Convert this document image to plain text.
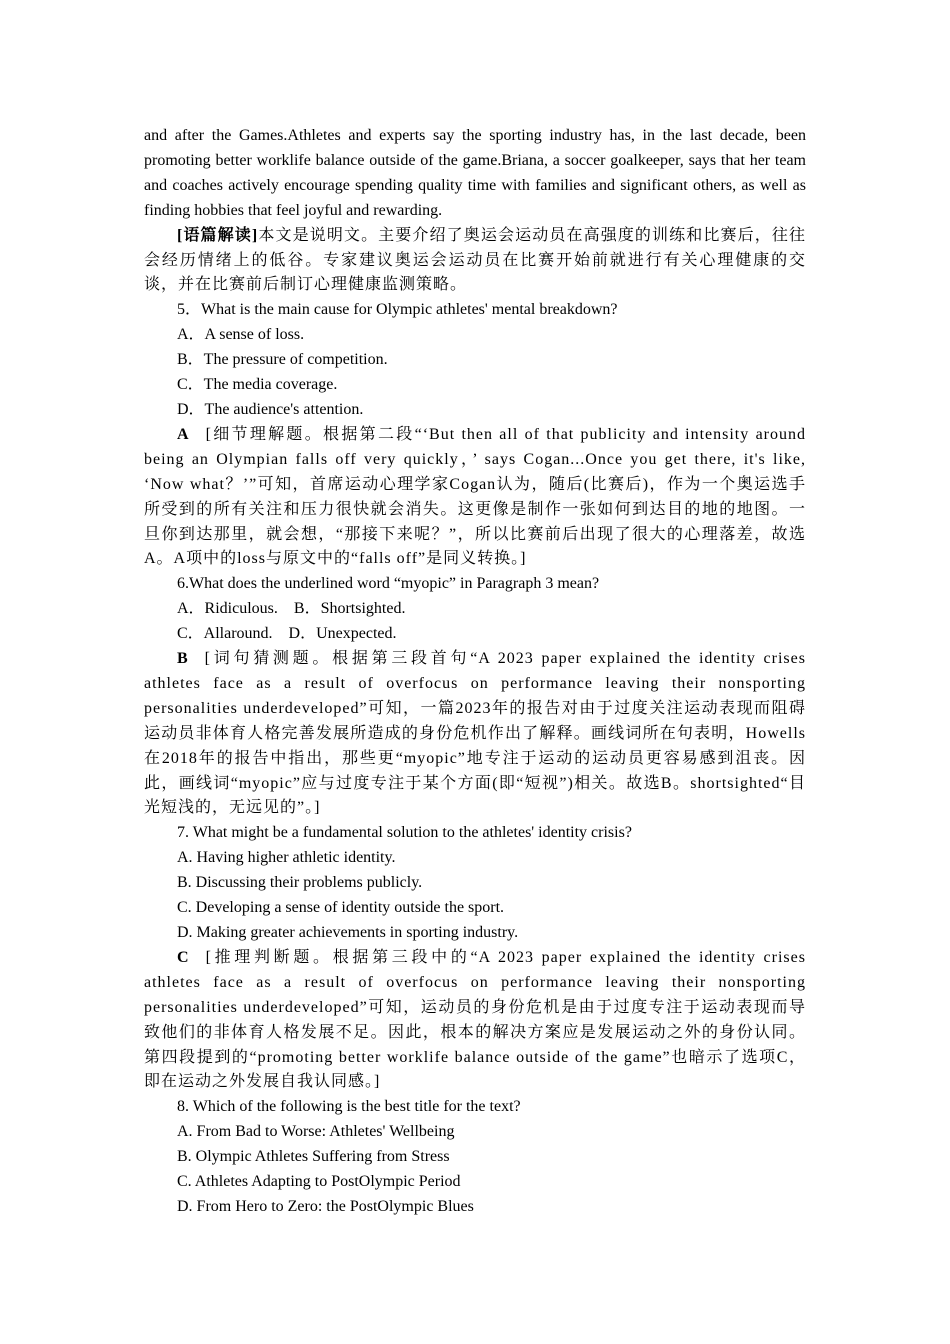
and after the Games.Athletes and experts say the sporting industry has, in the last decade, been promoting better worklife balance outside of the game.Briana, a soccer goalkeeper, says that her team and coaches actively encourage spending quality time with families and significant others, as well as finding hobbies that feel joyful and rewarding.

[语篇解读]本文是说明文。主要介绍了奥运会运动员在高强度的训练和比赛后，往往会经历情绪上的低谷。专家建议奥运会运动员在比赛开始前就进行有关心理健康的交谈，并在比赛前后制订心理健康监测策略。

5．What is the main cause for Olympic athletes' mental breakdown?

A．A sense of loss.

B．The pressure of competition.

C．The media coverage.

D．The audience's attention.

A [细节理解题。根据第二段“‘But then all of that publicity and intensity around being an Olympian falls off very quickly，’ says Cogan...Once you get there, it's like, ‘Now what？’”可知，首席运动心理学家Cogan认为，随后(比赛后)，作为一个奥运选手所受到的所有关注和压力很快就会消失。这更像是制作一张如何到达目的地的地图。一旦你到达那里，就会想，“那接下来呢？”，所以比赛前后出现了很大的心理落差，故选A。A项中的loss与原文中的“falls off”是同义转换。]

6.What does the underlined word “myopic” in Paragraph 3 mean?

A．Ridiculous.　B．Shortsighted.

C．Allaround.　D．Unexpected.

B [词句猜测题。根据第三段首句“A 2023 paper explained the identity crises athletes face as a result of overfocus on performance leaving their nonsporting personalities underdeveloped”可知，一篇2023年的报告对由于过度关注运动表现而阻碍运动员非体育人格完善发展所造成的身份危机作出了解释。画线词所在句表明，Howells在2018年的报告中指出，那些更“myopic”地专注于运动的运动员更容易感到沮丧。因此，画线词“myopic”应与过度专注于某个方面(即“短视”)相关。故选B。shortsighted“目光短浅的，无远见的”。]

7. What might be a fundamental solution to the athletes' identity crisis?

A. Having higher athletic identity.

B. Discussing their problems publicly.

C. Developing a sense of identity outside the sport.

D. Making greater achievements in sporting industry.

C [推理判断题。根据第三段中的“A 2023 paper explained the identity crises athletes face as a result of overfocus on performance leaving their nonsporting personalities underdeveloped”可知，运动员的身份危机是由于过度专注于运动表现而导致他们的非体育人格发展不足。因此，根本的解决方案应是发展运动之外的身份认同。第四段提到的“promoting better worklife balance outside of the game”也暗示了选项C，即在运动之外发展自我认同感。]

8. Which of the following is the best title for the text?

A. From Bad to Worse: Athletes' Wellbeing

B. Olympic Athletes Suffering from Stress

C. Athletes Adapting to PostOlympic Period

D. From Hero to Zero: the PostOlympic Blues
